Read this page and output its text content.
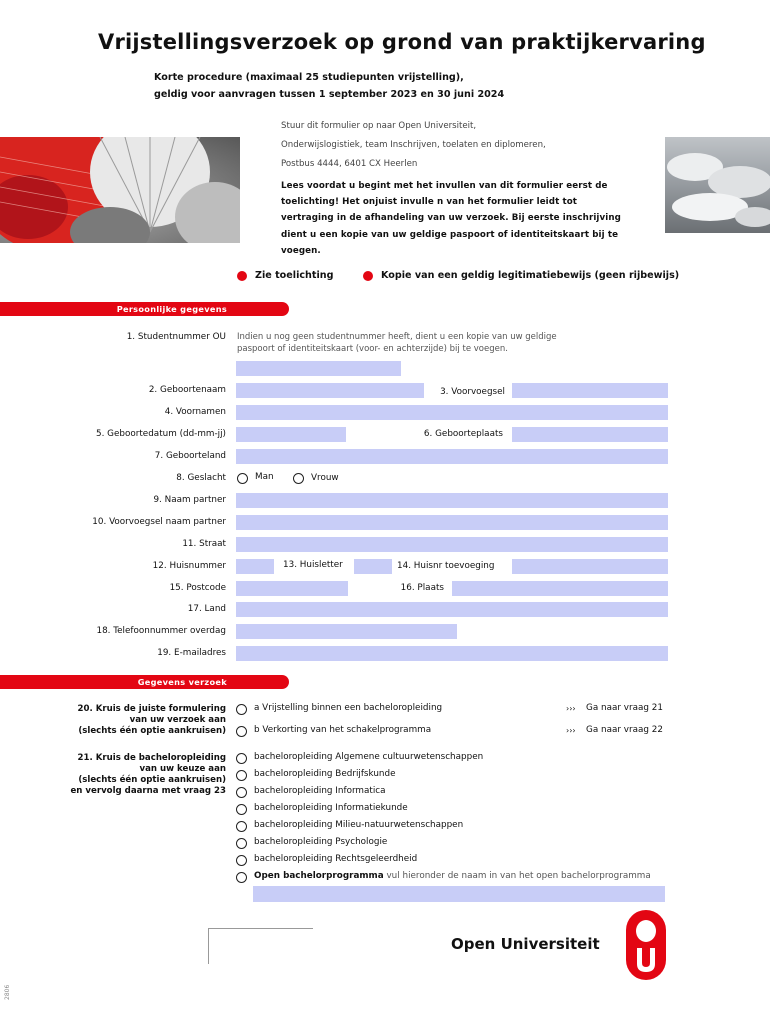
Vrijstellingsverzoek op grond van praktijkervaring
Korte procedure (maximaal 25 studiepunten vrijstelling),
geldig voor aanvragen tussen 1 september 2023 en 30 juni 2024
Stuur dit formulier op naar Open Universiteit,
Onderwijslogistiek, team Inschrijven, toelaten en diplomeren,
Postbus 4444, 6401 CX Heerlen
Lees voordat u begint met het invullen van dit formulier eerst de toelichting! Het onjuist invulle n van het formulier leidt tot vertraging in de afhandeling van uw verzoek. Bij eerste inschrijving dient u een kopie van uw geldige paspoort of identiteitskaart bij te voegen.
Zie toelichting	Kopie van een geldig legitimatiebewijs (geen rijbewijs)
Persoonlijke gegevens
1. Studentnummer OU Indien u nog geen studentnummer heeft, dient u een kopie van uw geldige paspoort of identiteitskaart (voor- en achterzijde) bij te voegen.
2. Geboortenaam	3. Voorvoegsel
4. Voornamen
5. Geboortedatum (dd-mm-jj)	6. Geboorteplaats
7. Geboorteland
8. Geslacht	Man	Vrouw
9. Naam partner
10. Voorvoegsel naam partner
11. Straat
12. Huisnummer	13. Huisletter	14. Huisnr toevoeging
15. Postcode	16. Plaats
17. Land
18. Telefoonnummer overdag
19. E-mailadres
Gegevens verzoek
20. Kruis de juiste formulering
van uw verzoek aan
(slechts één optie aankruisen)
a Vrijstelling binnen een bacheloropleiding	››› Ga naar vraag 21
b Verkorting van het schakelprogramma	››› Ga naar vraag 22
21. Kruis de bacheloropleiding
van uw keuze aan
(slechts één optie aankruisen)
en vervolg daarna met vraag 23
bacheloropleiding Algemene cultuurwetenschappen
bacheloropleiding Bedrijfskunde
bacheloropleiding Informatica
bacheloropleiding Informatiekunde
bacheloropleiding Milieu-natuurwetenschappen
bacheloropleiding Psychologie
bacheloropleiding Rechtsgeleerdheid
Open bachelorprogramma vul hieronder de naam in van het open bachelorprogramma
Open Universiteit
2806
